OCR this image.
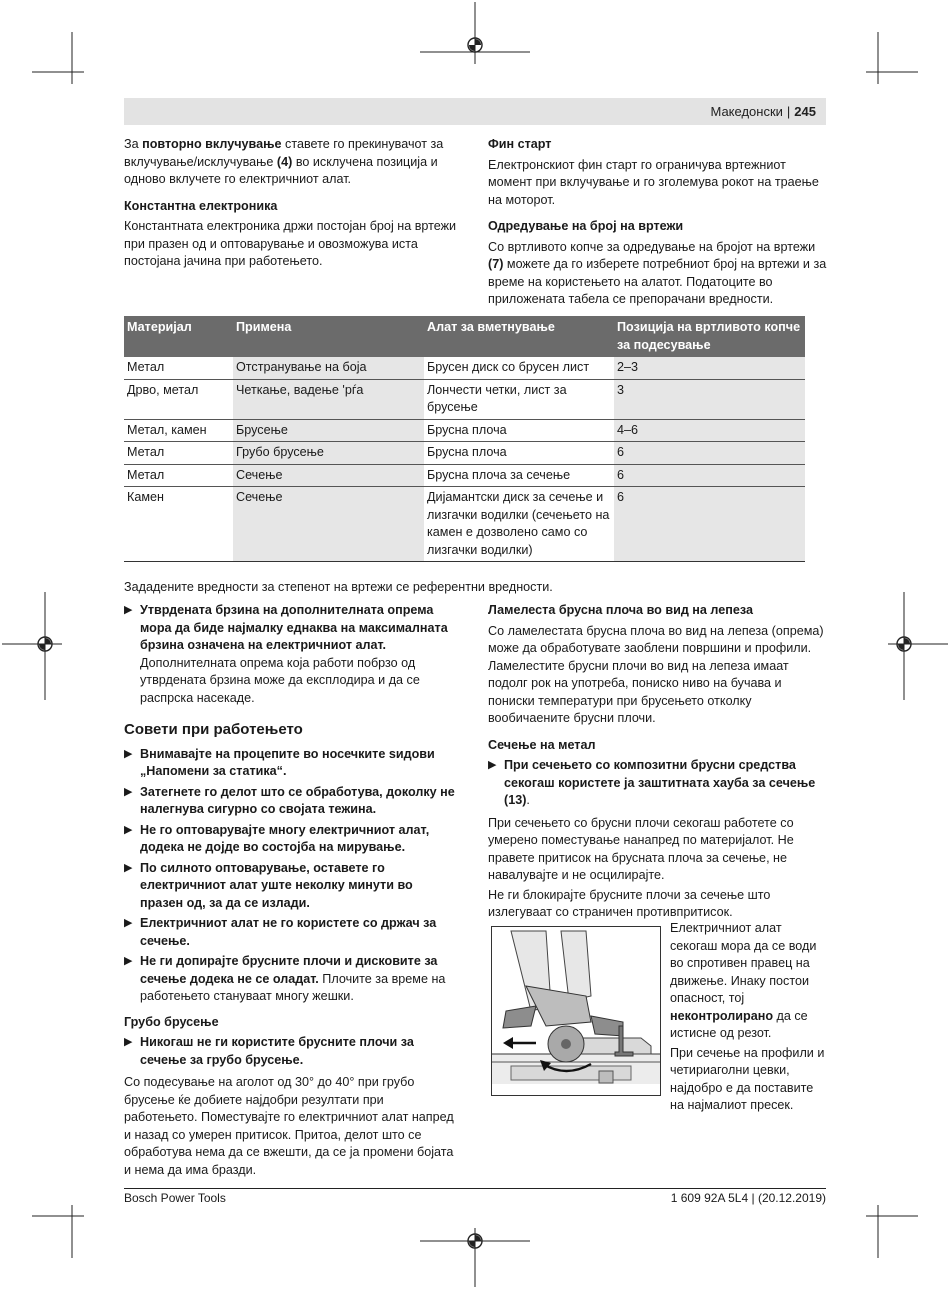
Македонски | 245

За повторно вклучување ставете го прекинувачот за вклучување/исклучување (4) во исклучена позиција и одново вклучете го електричниот алат.

Константна електроника

Константната електроника држи постојан број на вртежи при празен од и оптоварување и овозможува иста постојана јачина при работењето.

Фин старт

Електронскиот фин старт го ограничува вртежниот момент при вклучување и го зголемува рокот на траење на моторот.

Одредување на број на вртежи

Со вртливото копче за одредување на бројот на вртежи (7) можете да го изберете потребниот број на вртежи и за време на користењето на алатот. Податоците во приложената табела се препорачани вредности.

Материјал	Примена	Алат за вметнување	Позиција на вртливото копче за подесување
Метал	Отстранување на боја	Брусен диск со брусен лист	2–3
Дрво, метал	Четкање, вадење 'рѓа	Лончести четки, лист за брусење	3
Метал, камен	Брусење	Брусна плоча	4–6
Метал	Грубо брусење	Брусна плоча	6
Метал	Сечење	Брусна плоча за сечење	6
Камен	Сечење	Дијамантски диск за сечење и лизгачки водилки (сечењето на камен е дозволено само со лизгачки водилки)	6

Зададените вредности за степенот на вртежи се референтни вредности.

▶ Утврдената брзина на дополнителната опрема мора да биде најмалку еднаква на максималната брзина означена на електричниот алат. Дополнителната опрема која работи побрзо од утврдената брзина може да експлодира и да се распрска насекаде.

Совети при работењето

▶ Внимавајте на процепите во носечките ѕидови „Напомени за статика“.
▶ Затегнете го делот што се обработува, доколку не налегнува сигурно со својата тежина.
▶ Не го оптоварувајте многу електричниот алат, додека не дојде во состојба на мирување.
▶ По силното оптоварување, оставете го електричниот алат уште неколку минути во празен од, за да се излади.
▶ Електричниот алат не го користете со држач за сечење.
▶ Не ги допирајте брусните плочи и дисковите за сечење додека не се оладат. Плочите за време на работењето стануваат многу жешки.

Грубо брусење

▶ Никогаш не ги користите брусните плочи за сечење за грубо брусење.

Со подесување на аголот од 30° до 40° при грубо брусење ќе добиете најдобри резултати при работењето. Поместувајте го електричниот алат напред и назад со умерен притисок. Притоа, делот што се обработува нема да се вжешти, да се ја промени бојата и нема да има бразди.

Ламелеста брусна плоча во вид на лепеза

Со ламелестата брусна плоча во вид на лепеза (опрема) може да обработувате заоблени површини и профили. Ламелестите брусни плочи во вид на лепеза имаат подолг рок на употреба, пониско ниво на бучава и пониски температури при брусењето отколку вообичаените брусни плочи.

Сечење на метал

▶ При сечењето со композитни брусни средства секогаш користете ја заштитната хауба за сечење (13).

При сечењето со брусни плочи секогаш работете со умерено поместување нанапред по материјалот. Не правете притисок на брусната плоча за сечење, не навалувајте и не осцилирајте.

Не ги блокирајте брусните плочи за сечење што излегуваат со страничен противпритисок.

Електричниот алат секогаш мора да се води во спротивен правец на движење. Инаку постои опасност, тој неконтролирано да се истисне од резот.

При сечење на профили и четириаголни цевки, најдобро е да поставите на најмалиот пресек.

Bosch Power Tools	1 609 92A 5L4 | (20.12.2019)
